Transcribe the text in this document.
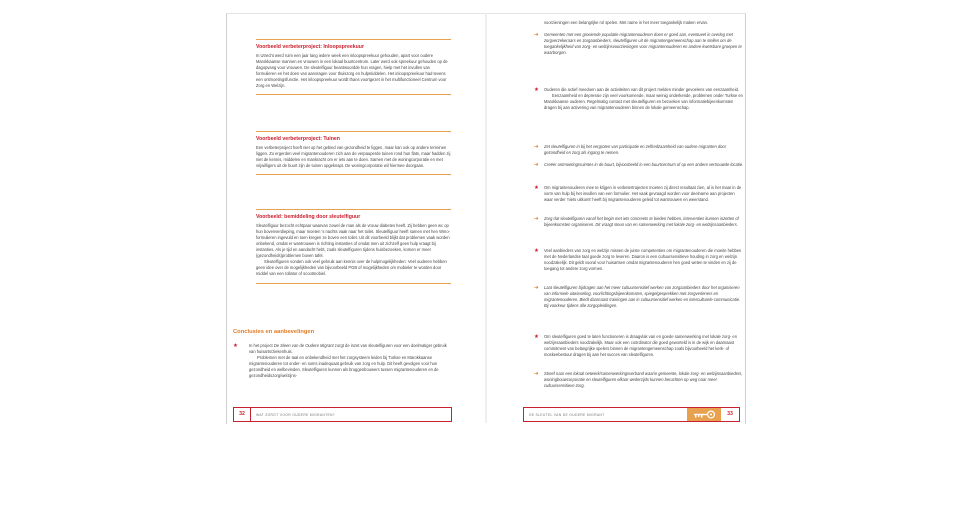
Voorbeeld verbeterproject: Inloopspreekuur

In Utrecht werd ruim een jaar lang iedere week een inloopspreekuur gehouden, apart voor oudere Marokkaanse mannen en vrouwen in een lokaal buurtcentrum. Later werd ook spreekuur gehouden op de dagopvang voor vrouwen. De sleutelfiguur beantwoordde hun vragen, hielp met het invullen van formulieren en het doen van aanvragen voor thuiszorg en hulpmiddelen. Het inloopspreekuur had tevens een ontmoetingsfunctie. Het inloopspreekuur wordt thans voortgezet in het multifunctioneel Centrum voor Zorg en Welzijn.

Voorbeeld verbeterproject: Tuinen

Een verbeterproject hoeft niet op het gebied van gezondheid te liggen, maar kan ook op andere terreinen liggen. Zo ergerden veel migrantenouderen zich aan de verpauperde tuinen rond hun flats, maar hadden zij niet de kennis, middelen en mankracht om er iets aan te doen. Samen met de woningcorporatie en met vrijwilligers uit de buurt zijn de tuinen opgeknapt. De woningcorporatie wil hiermee doorgaan.

Voorbeeld: bemiddeling door sleutelfiguur

Sleutelfiguur bezocht echtpaar waarvan zowel de man als de vrouw diabetes heeft. Zij hebben geen wc op hun bovenverdieping, maar moeten 's nachts vaak naar het toilet. Sleutelfiguur heeft samen met hen Wmo-formulieren ingevuld en toen kregen ze boven een toilet. Uit dit voorbeeld blijkt dat problemen vaak worden onbekend, omdat er wantrouwen is richting instanties of omdat men uit zichzelf geen hulp vraagt bij instanties. Als je tijd en aandacht hebt, zoals sleutelfiguren tijdens huisbezoeken, komen er meer (gezondheids)problemen boven tafel.

Sleutelfiguren vonden ook veel gebruik aan kennis over de hulpmogelijkheden: Veel ouderen hebben geen idee over de mogelijkheden van bijvoorbeeld PGB of mogelijkheden om mobieler te worden door middel van een rollator of scootmobiel.

Conclusies en aanbevelingen
★	In het project De Sleen van de Oudere Migrant zorgt de inzet van sleutelfiguren voor een doelmatiger gebruik van huisarts/ziekenhuis.

Problemen met de taal en onbekendheid met het zorgsysteem leiden bij Turkse en Marokkaanse migrantenouderen tot onder- en soms inadequaat gebruik van zorg en hulp. Dit heeft gevolgen voor hun gezondheid en welbevinden. Sleutelfiguren kunnen als bruggenbouwers tussen migrantenouderen en de gezondheidszorg/welzijns-

32	WAT ZORGT VOOR OUDERE MIGRANTEN?
voorzieningen een belangrijke rol spelen. Met name in het meer toegankelijk maken ervan.
➜ Gemeenten met een groeiende populatie migrantenouderen doen er goed aan, eventueel in overleg met zorgverzekeraars en zorgaanbieders, sleutelfiguren uit de migrantengemeenschap aan te stellen om de toegankelijkheid van zorg- en welzijnsvoorzieningen voor migrantenouderen en andere kwetsbare groepen te waarborgen.
★ Ouderen die actief meedoen aan de activiteiten van dit project melden minder gevoelens van eenzaamheid.

Eenzaamheid en depressie zijn veel voorkomende, maar weinig onderkende, problemen onder Turkse en Marokkaanse ouderen. Regelmatig contact met sleutelfiguren en bezoeken van informatiebijeenkomsten dragen bij aan activering van migrantenouderen binnen de lokale gemeenschap.

➜ Zet sleutelfiguren in bij het vergroten van participatie en zelfredzaamheid van oudere migranten door gezondheid en zorg als ingang te nemen.
➜ Creëer ontmoetingsruimtes in de buurt, bijvoorbeeld in een buurtcentrum of op een andere vertrouwde locatie.
★ Om migrantenouderen mee te krijgen in verbetertrajecten moeten zij direct resultaat zien, al is het maar in de vorm van hulp bij het invullen van een formulier. Het vaak gevraagd worden voor deelname aan projecten waar verder 'niets uitkomt' heeft bij migrantenouderen geleid tot wantrouwen en weerstand.
➜ Zorg dat sleutelfiguren vanaf het begin met iets concreets te bieden hebben, interventies kunnen inzetten of bijeenkomsten organiseren. Dit vraagt steun van en samenwerking met lokale zorg- en welzijnsaanbieders.
★ Veel aanbieders van zorg en welzijn missen de juiste competenties om migrantenouderen die moeite hebben met de Nederlandse taal goede zorg te leveren. Daaron is een cultuursensitieve houding in zorg en welzijn noodzakelijk. Dit geldt vooral voor huisartsen omdat migrantenouderen hen goed weten te vinden en zij de toegang tot andere zorg vormen.
➜ Laat sleutelfiguren bijdragen aan het meer cultuursensitief werken van zorgaanbieders door het organiseren van informele uitwisseling, voorlichtingsbijeenkomsten, spiegelgesprekken met zorgverleners en migrantenouderen. Biedt daarnaast trainingen aan in cultuursensitief werken en interculturele communicatie. Bij voorkeur tijdens alle zorgopleidingen.
★ Om sleutelfiguren goed te laten functioneren is draagvlak van en goede samenwerking met lokale zorg- en welzijnsaanbieders noodzakelijk. Maar ook een coördinator die goed geworteld is in de wijk en daarnaast commitment van belangrijke spelers binnen de migrantengemeenschap zoals bijvoorbeeld het kerk- of moskeebestuur dragen bij aan het succes van sleutelfiguren.
➜ Streef naar een lokaal netwerk/samenwerkingsverband waarin gemeente, lokale zorg- en welzijnsaanbieders, woningbouwcorporatie en sleutelfiguren elkaar wederzijds kunnen beruchten op weg naar meer cultuursensitieve zorg.
DE SLEUTEL VAN DE OUDERE MIGRANT	33
